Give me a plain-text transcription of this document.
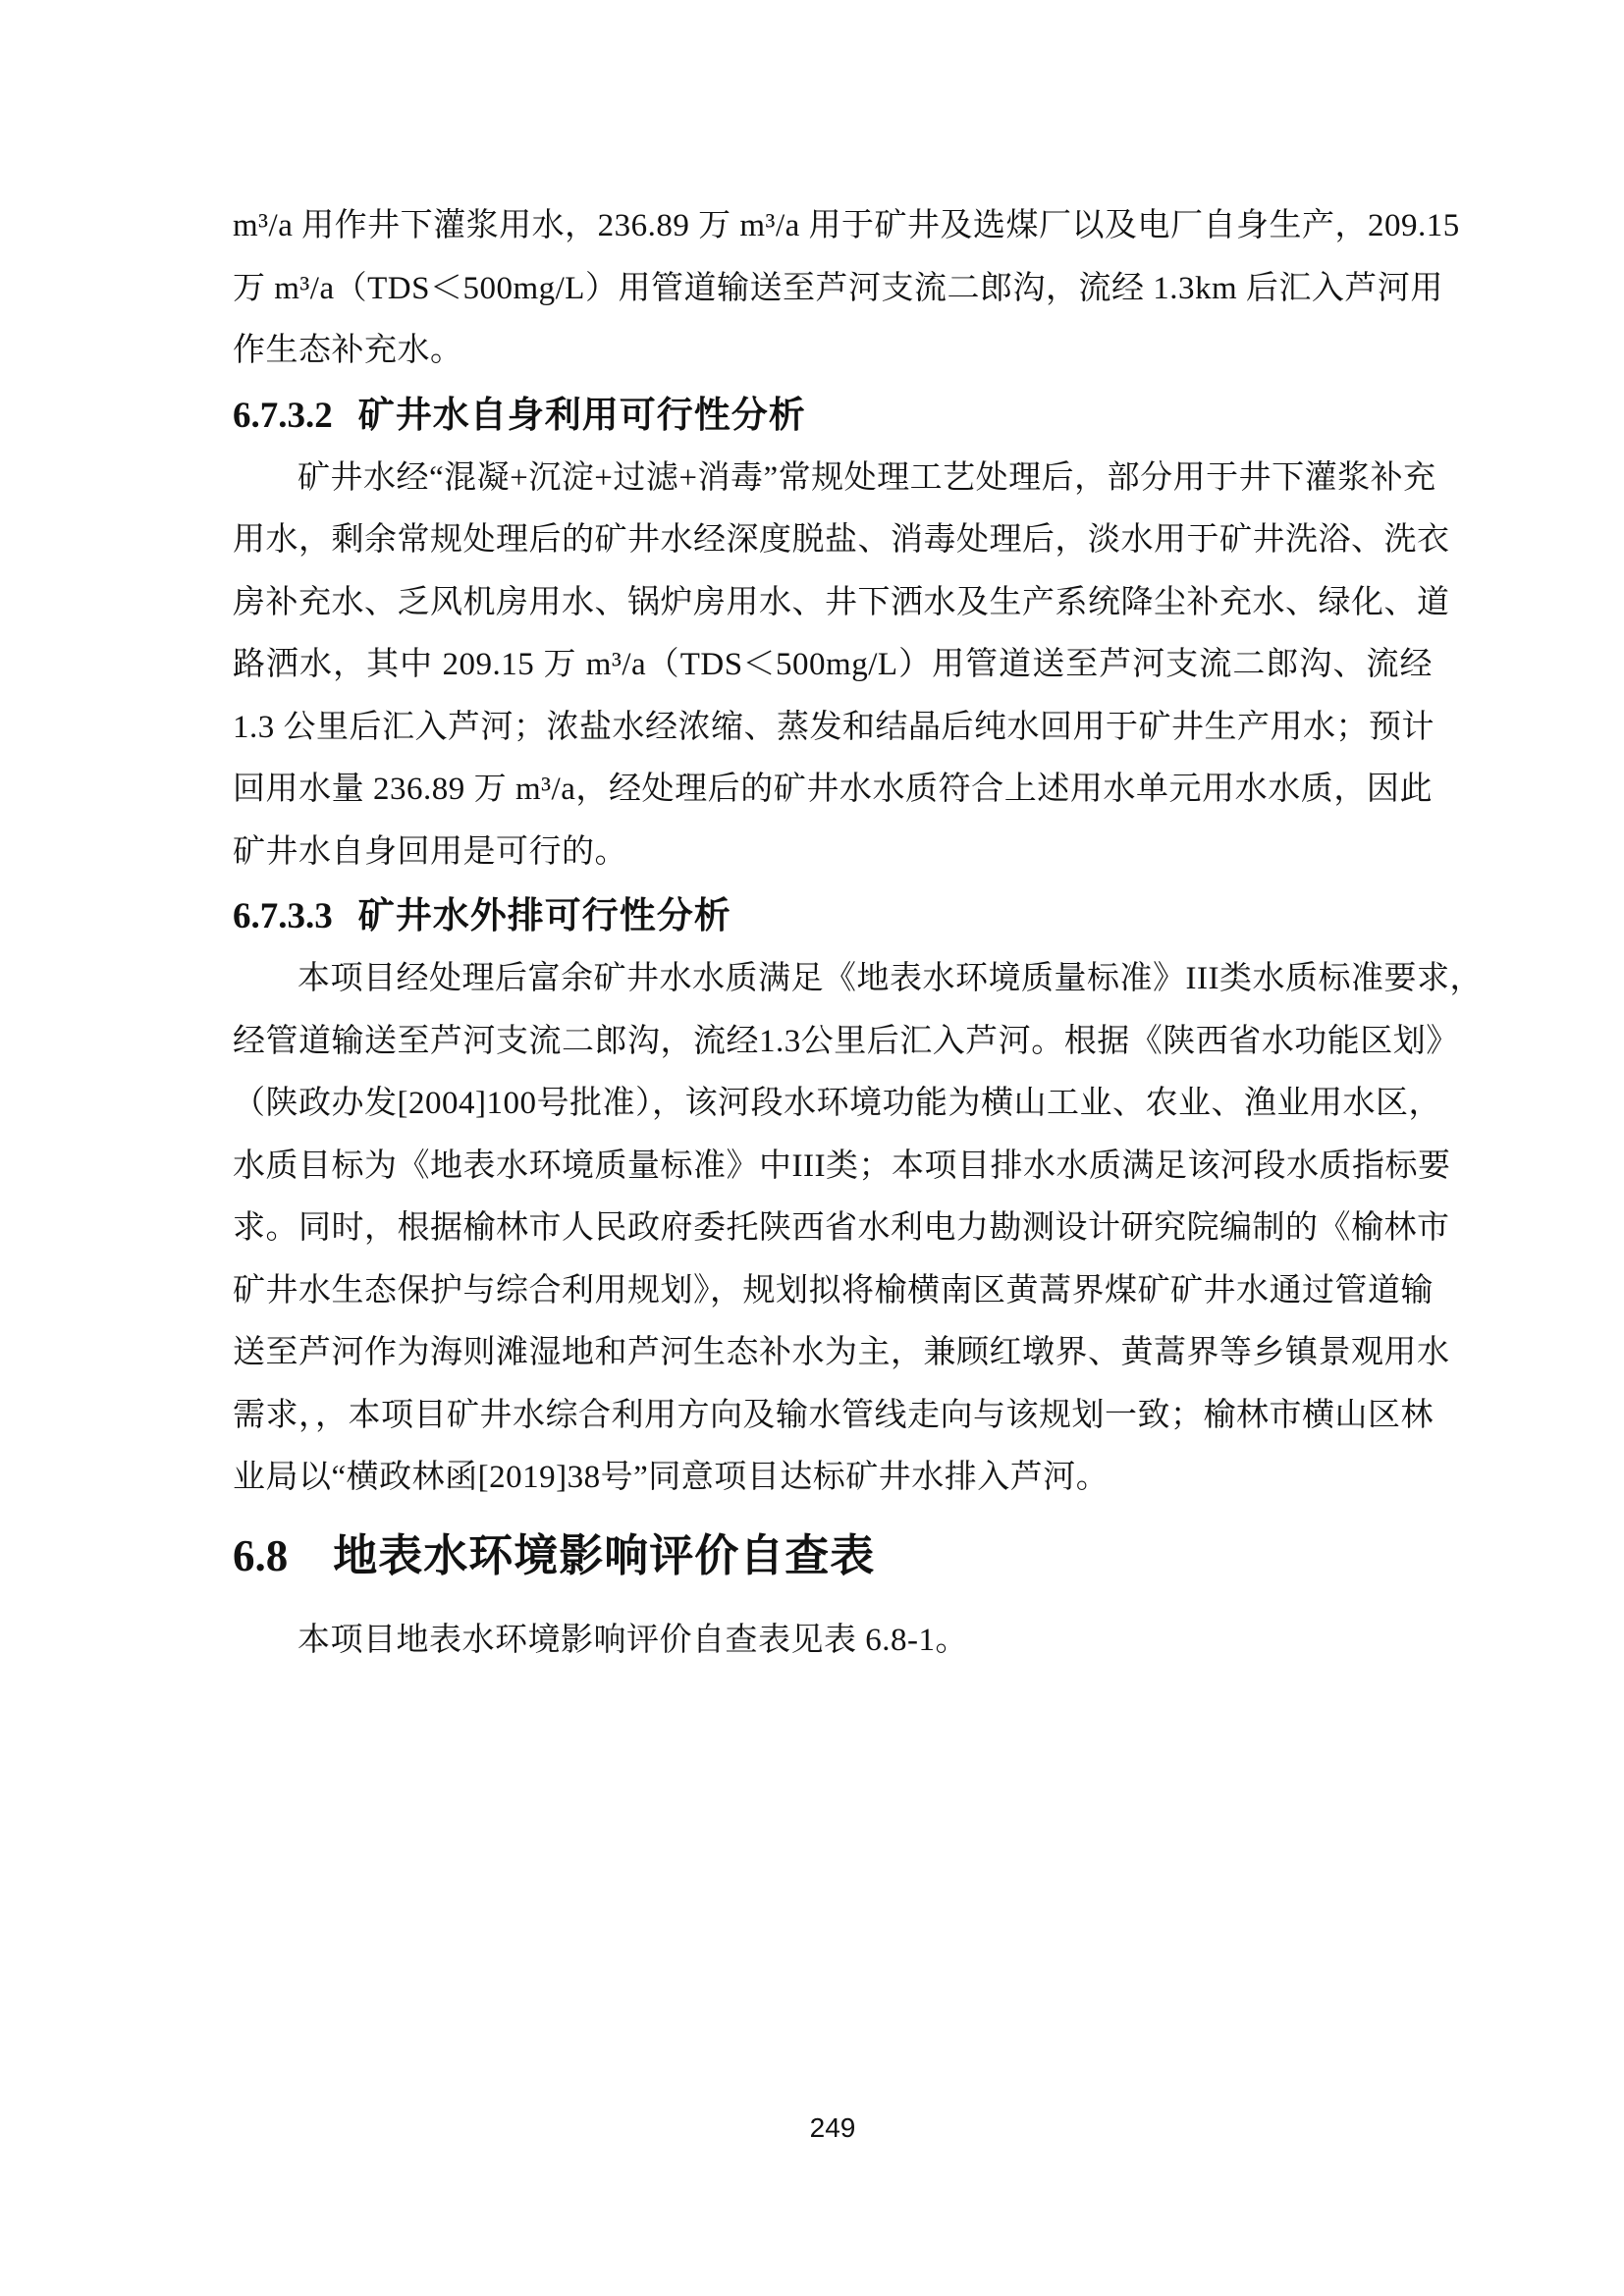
m³/a 用作井下灌浆用水，236.89 万 m³/a 用于矿井及选煤厂以及电厂自身生产，209.15
万 m³/a（TDS＜500mg/L）用管道输送至芦河支流二郎沟，流经 1.3km 后汇入芦河用
作生态补充水。
6.7.3.2 矿井水自身利用可行性分析
矿井水经“混凝+沉淀+过滤+消毒”常规处理工艺处理后，部分用于井下灌浆补充
用水，剩余常规处理后的矿井水经深度脱盐、消毒处理后，淡水用于矿井洗浴、洗衣
房补充水、乏风机房用水、锅炉房用水、井下洒水及生产系统降尘补充水、绿化、道
路洒水，其中 209.15 万 m³/a（TDS＜500mg/L）用管道送至芦河支流二郎沟、流经
1.3 公里后汇入芦河；浓盐水经浓缩、蒸发和结晶后纯水回用于矿井生产用水；预计
回用水量 236.89 万 m³/a，经处理后的矿井水水质符合上述用水单元用水水质，因此
矿井水自身回用是可行的。
6.7.3.3 矿井水外排可行性分析
本项目经处理后富余矿井水水质满足《地表水环境质量标准》III类水质标准要求，
经管道输送至芦河支流二郎沟，流经1.3公里后汇入芦河。根据《陕西省水功能区划》
（陕政办发[2004]100号批准），该河段水环境功能为横山工业、农业、渔业用水区，
水质目标为《地表水环境质量标准》中III类；本项目排水水质满足该河段水质指标要
求。同时，根据榆林市人民政府委托陕西省水利电力勘测设计研究院编制的《榆林市
矿井水生态保护与综合利用规划》，规划拟将榆横南区黄蒿界煤矿矿井水通过管道输
送至芦河作为海则滩湿地和芦河生态补水为主，兼顾红墩界、黄蒿界等乡镇景观用水
需求，，本项目矿井水综合利用方向及输水管线走向与该规划一致；榆林市横山区林
业局以“横政林函[2019]38号”同意项目达标矿井水排入芦河。
6.8 地表水环境影响评价自查表
本项目地表水环境影响评价自查表见表 6.8-1。
249
